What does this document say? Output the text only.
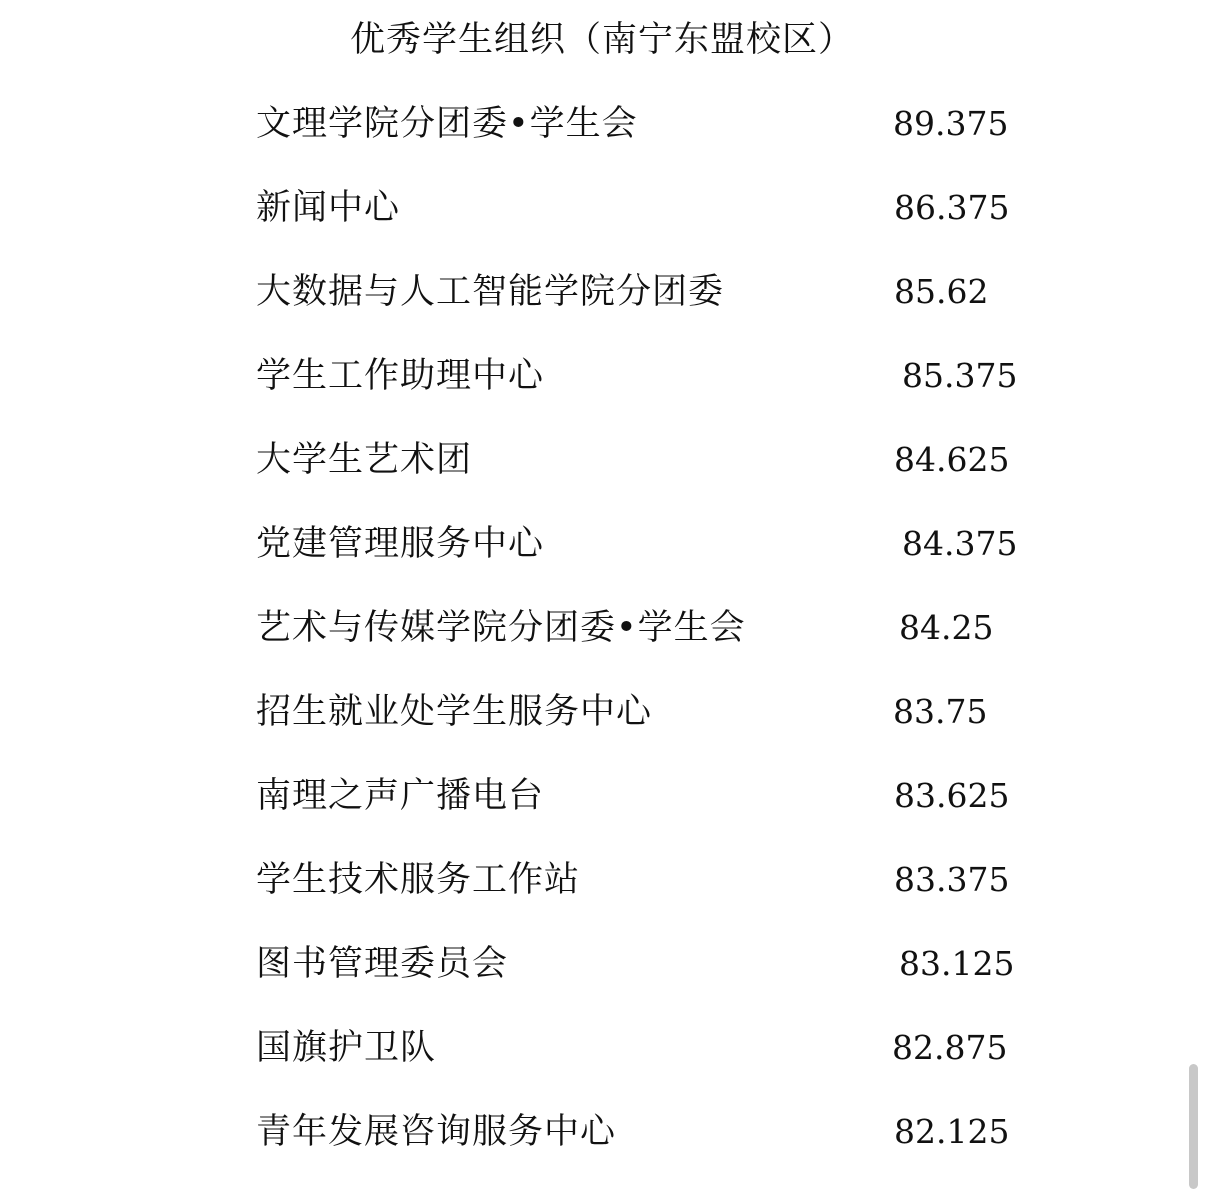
优秀学生组织（南宁东盟校区）
文理学院分团委•学生会	89.375
新闻中心	86.375
大数据与人工智能学院分团委	85.62
学生工作助理中心	85.375
大学生艺术团	84.625
党建管理服务中心	84.375
艺术与传媒学院分团委•学生会	84.25
招生就业处学生服务中心	83.75
南理之声广播电台	83.625
学生技术服务工作站	83.375
图书管理委员会	83.125
国旗护卫队	82.875
青年发展咨询服务中心	82.125
